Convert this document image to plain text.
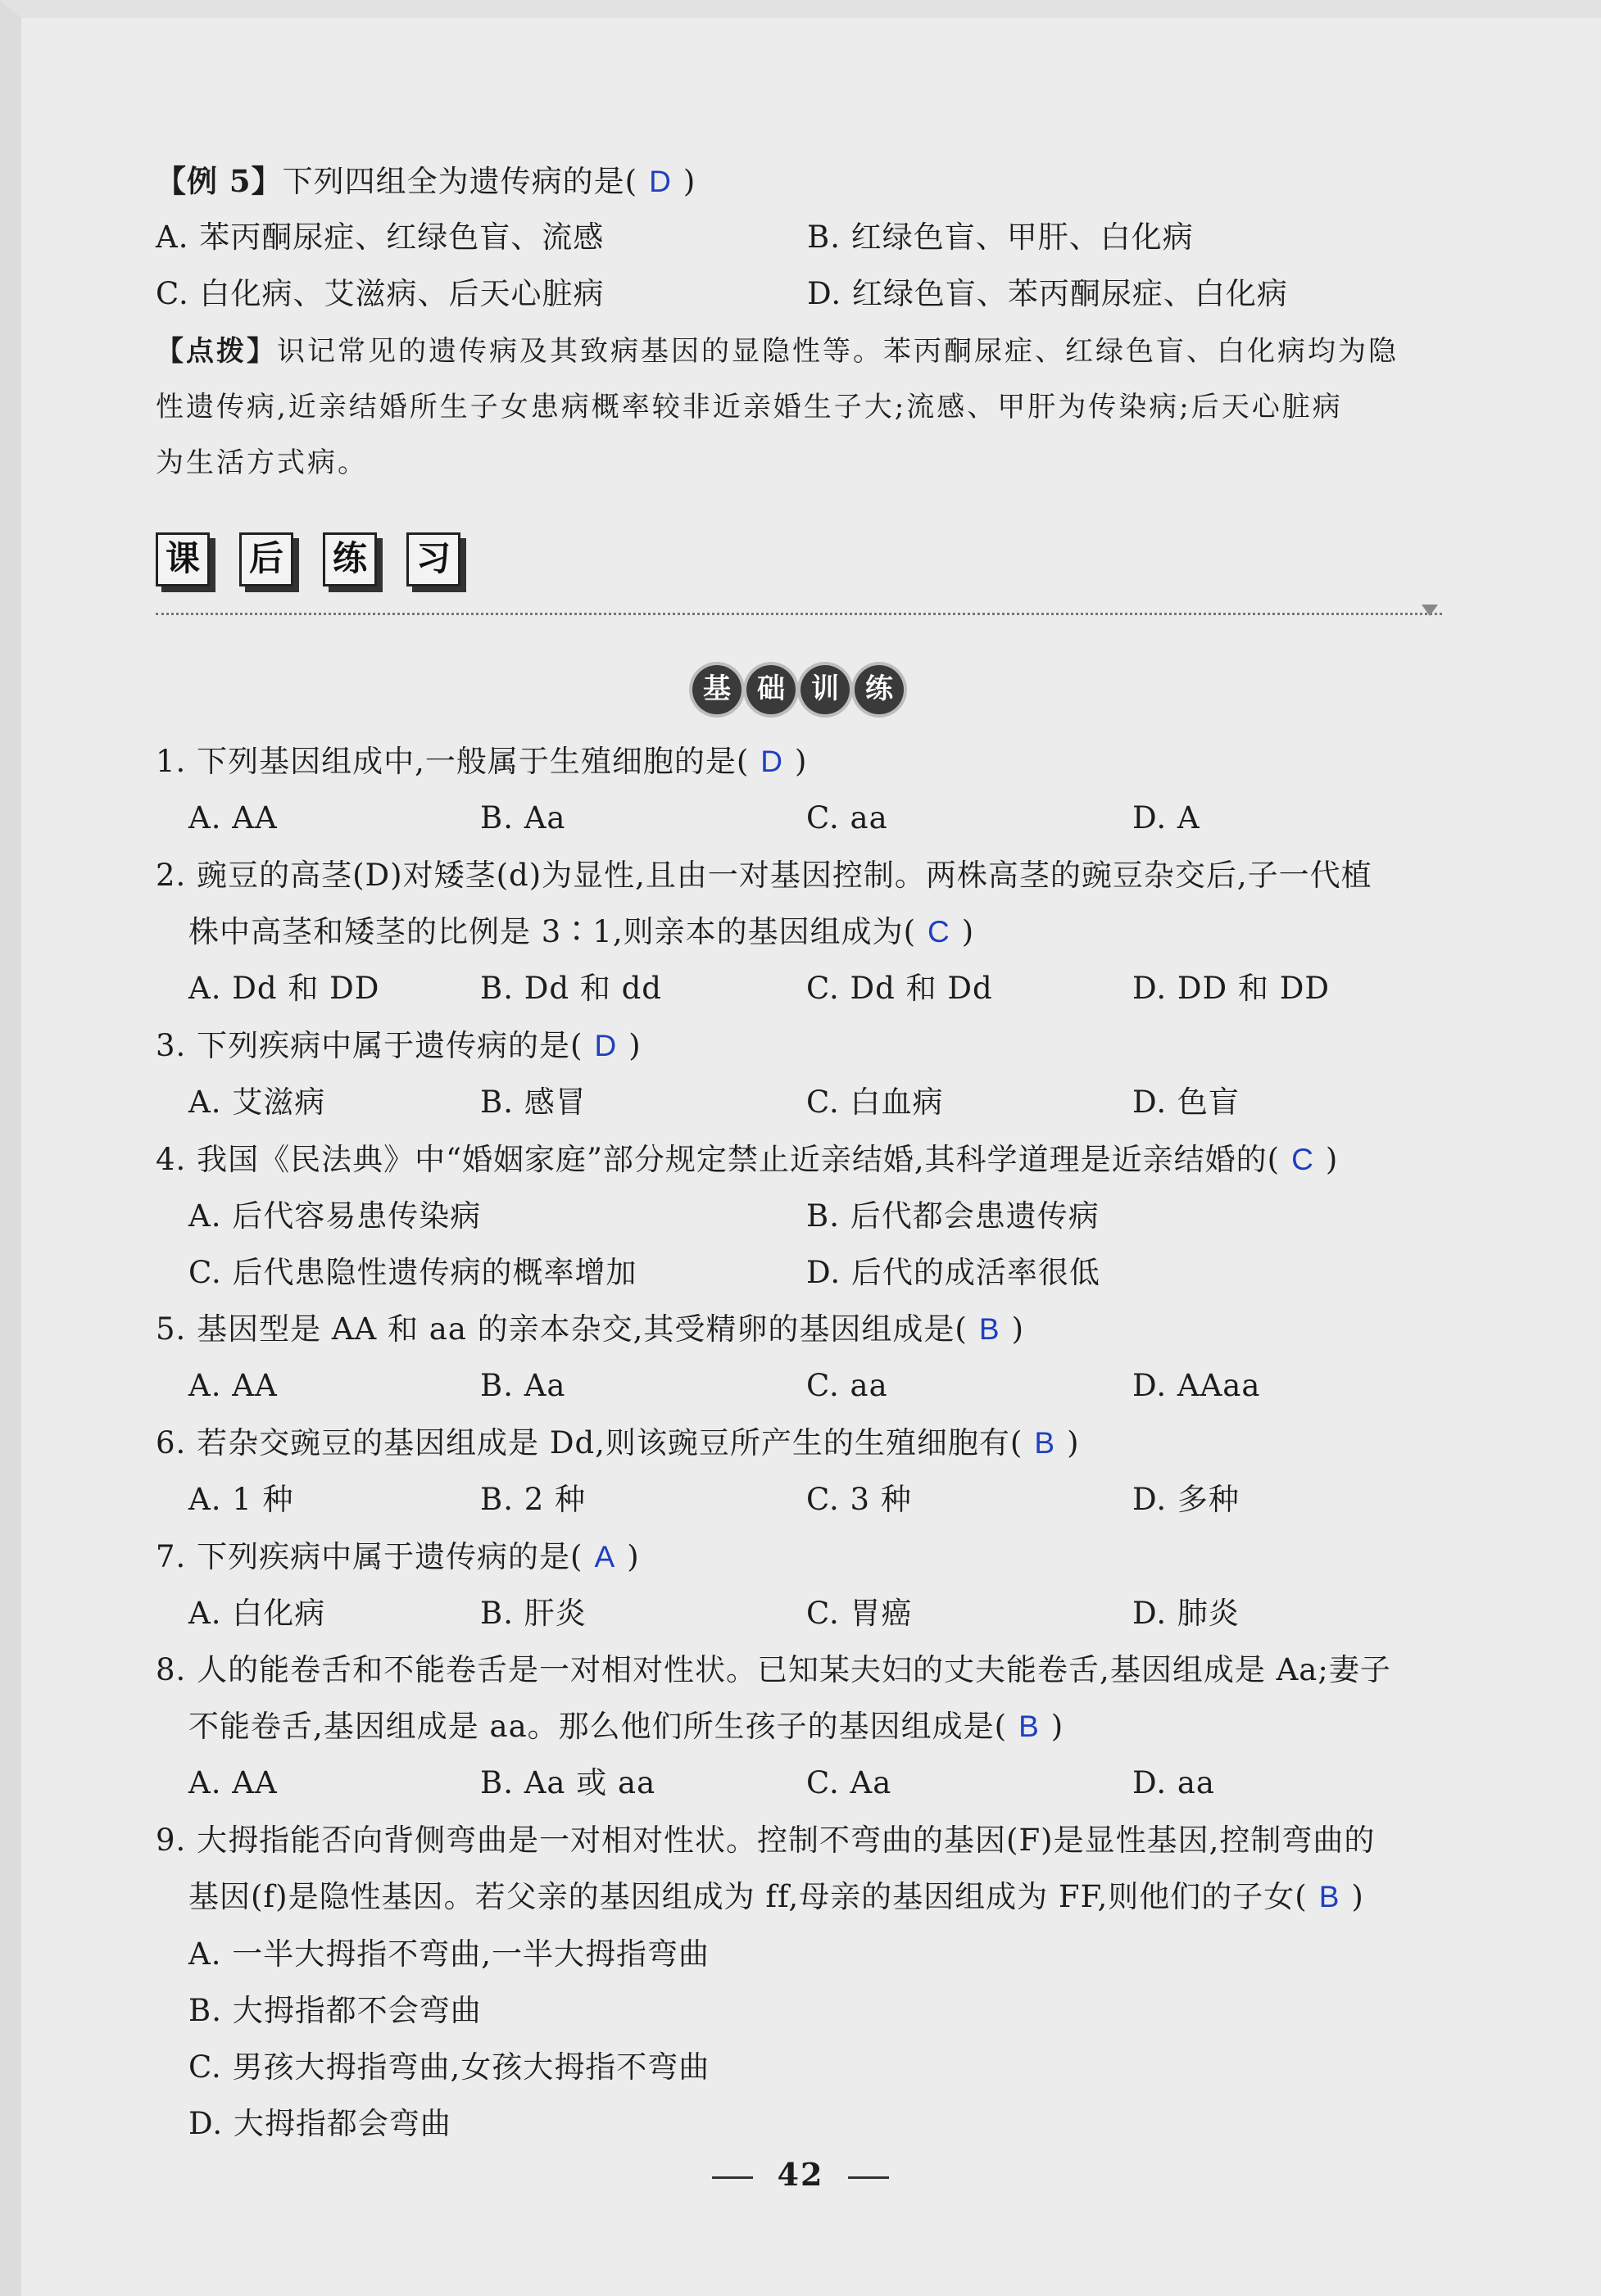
【例 5】下列四组全为遗传病的是( D )
A. 苯丙酮尿症、红绿色盲、流感	B. 红绿色盲、甲肝、白化病
C. 白化病、艾滋病、后天心脏病	D. 红绿色盲、苯丙酮尿症、白化病
【点拨】识记常见的遗传病及其致病基因的显隐性等。苯丙酮尿症、红绿色盲、白化病均为隐
性遗传病,近亲结婚所生子女患病概率较非近亲婚生子大;流感、甲肝为传染病;后天心脏病
为生活方式病。
课 后 练 习
基 础 训 练
1. 下列基因组成中,一般属于生殖细胞的是( D )
A. AA	B. Aa	C. aa	D. A
2. 豌豆的高茎(D)对矮茎(d)为显性,且由一对基因控制。两株高茎的豌豆杂交后,子一代植
株中高茎和矮茎的比例是 3∶1,则亲本的基因组成为( C )
A. Dd 和 DD	B. Dd 和 dd	C. Dd 和 Dd	D. DD 和 DD
3. 下列疾病中属于遗传病的是( D )
A. 艾滋病	B. 感冒	C. 白血病	D. 色盲
4. 我国《民法典》中“婚姻家庭”部分规定禁止近亲结婚,其科学道理是近亲结婚的( C )
A. 后代容易患传染病	B. 后代都会患遗传病
C. 后代患隐性遗传病的概率增加	D. 后代的成活率很低
5. 基因型是 AA 和 aa 的亲本杂交,其受精卵的基因组成是( B )
A. AA	B. Aa	C. aa	D. AAaa
6. 若杂交豌豆的基因组成是 Dd,则该豌豆所产生的生殖细胞有( B )
A. 1 种	B. 2 种	C. 3 种	D. 多种
7. 下列疾病中属于遗传病的是( A )
A. 白化病	B. 肝炎	C. 胃癌	D. 肺炎
8. 人的能卷舌和不能卷舌是一对相对性状。已知某夫妇的丈夫能卷舌,基因组成是 Aa;妻子
不能卷舌,基因组成是 aa。那么他们所生孩子的基因组成是( B )
A. AA	B. Aa 或 aa	C. Aa	D. aa
9. 大拇指能否向背侧弯曲是一对相对性状。控制不弯曲的基因(F)是显性基因,控制弯曲的
基因(f)是隐性基因。若父亲的基因组成为 ff,母亲的基因组成为 FF,则他们的子女( B )
A. 一半大拇指不弯曲,一半大拇指弯曲
B. 大拇指都不会弯曲
C. 男孩大拇指弯曲,女孩大拇指不弯曲
D. 大拇指都会弯曲
42
